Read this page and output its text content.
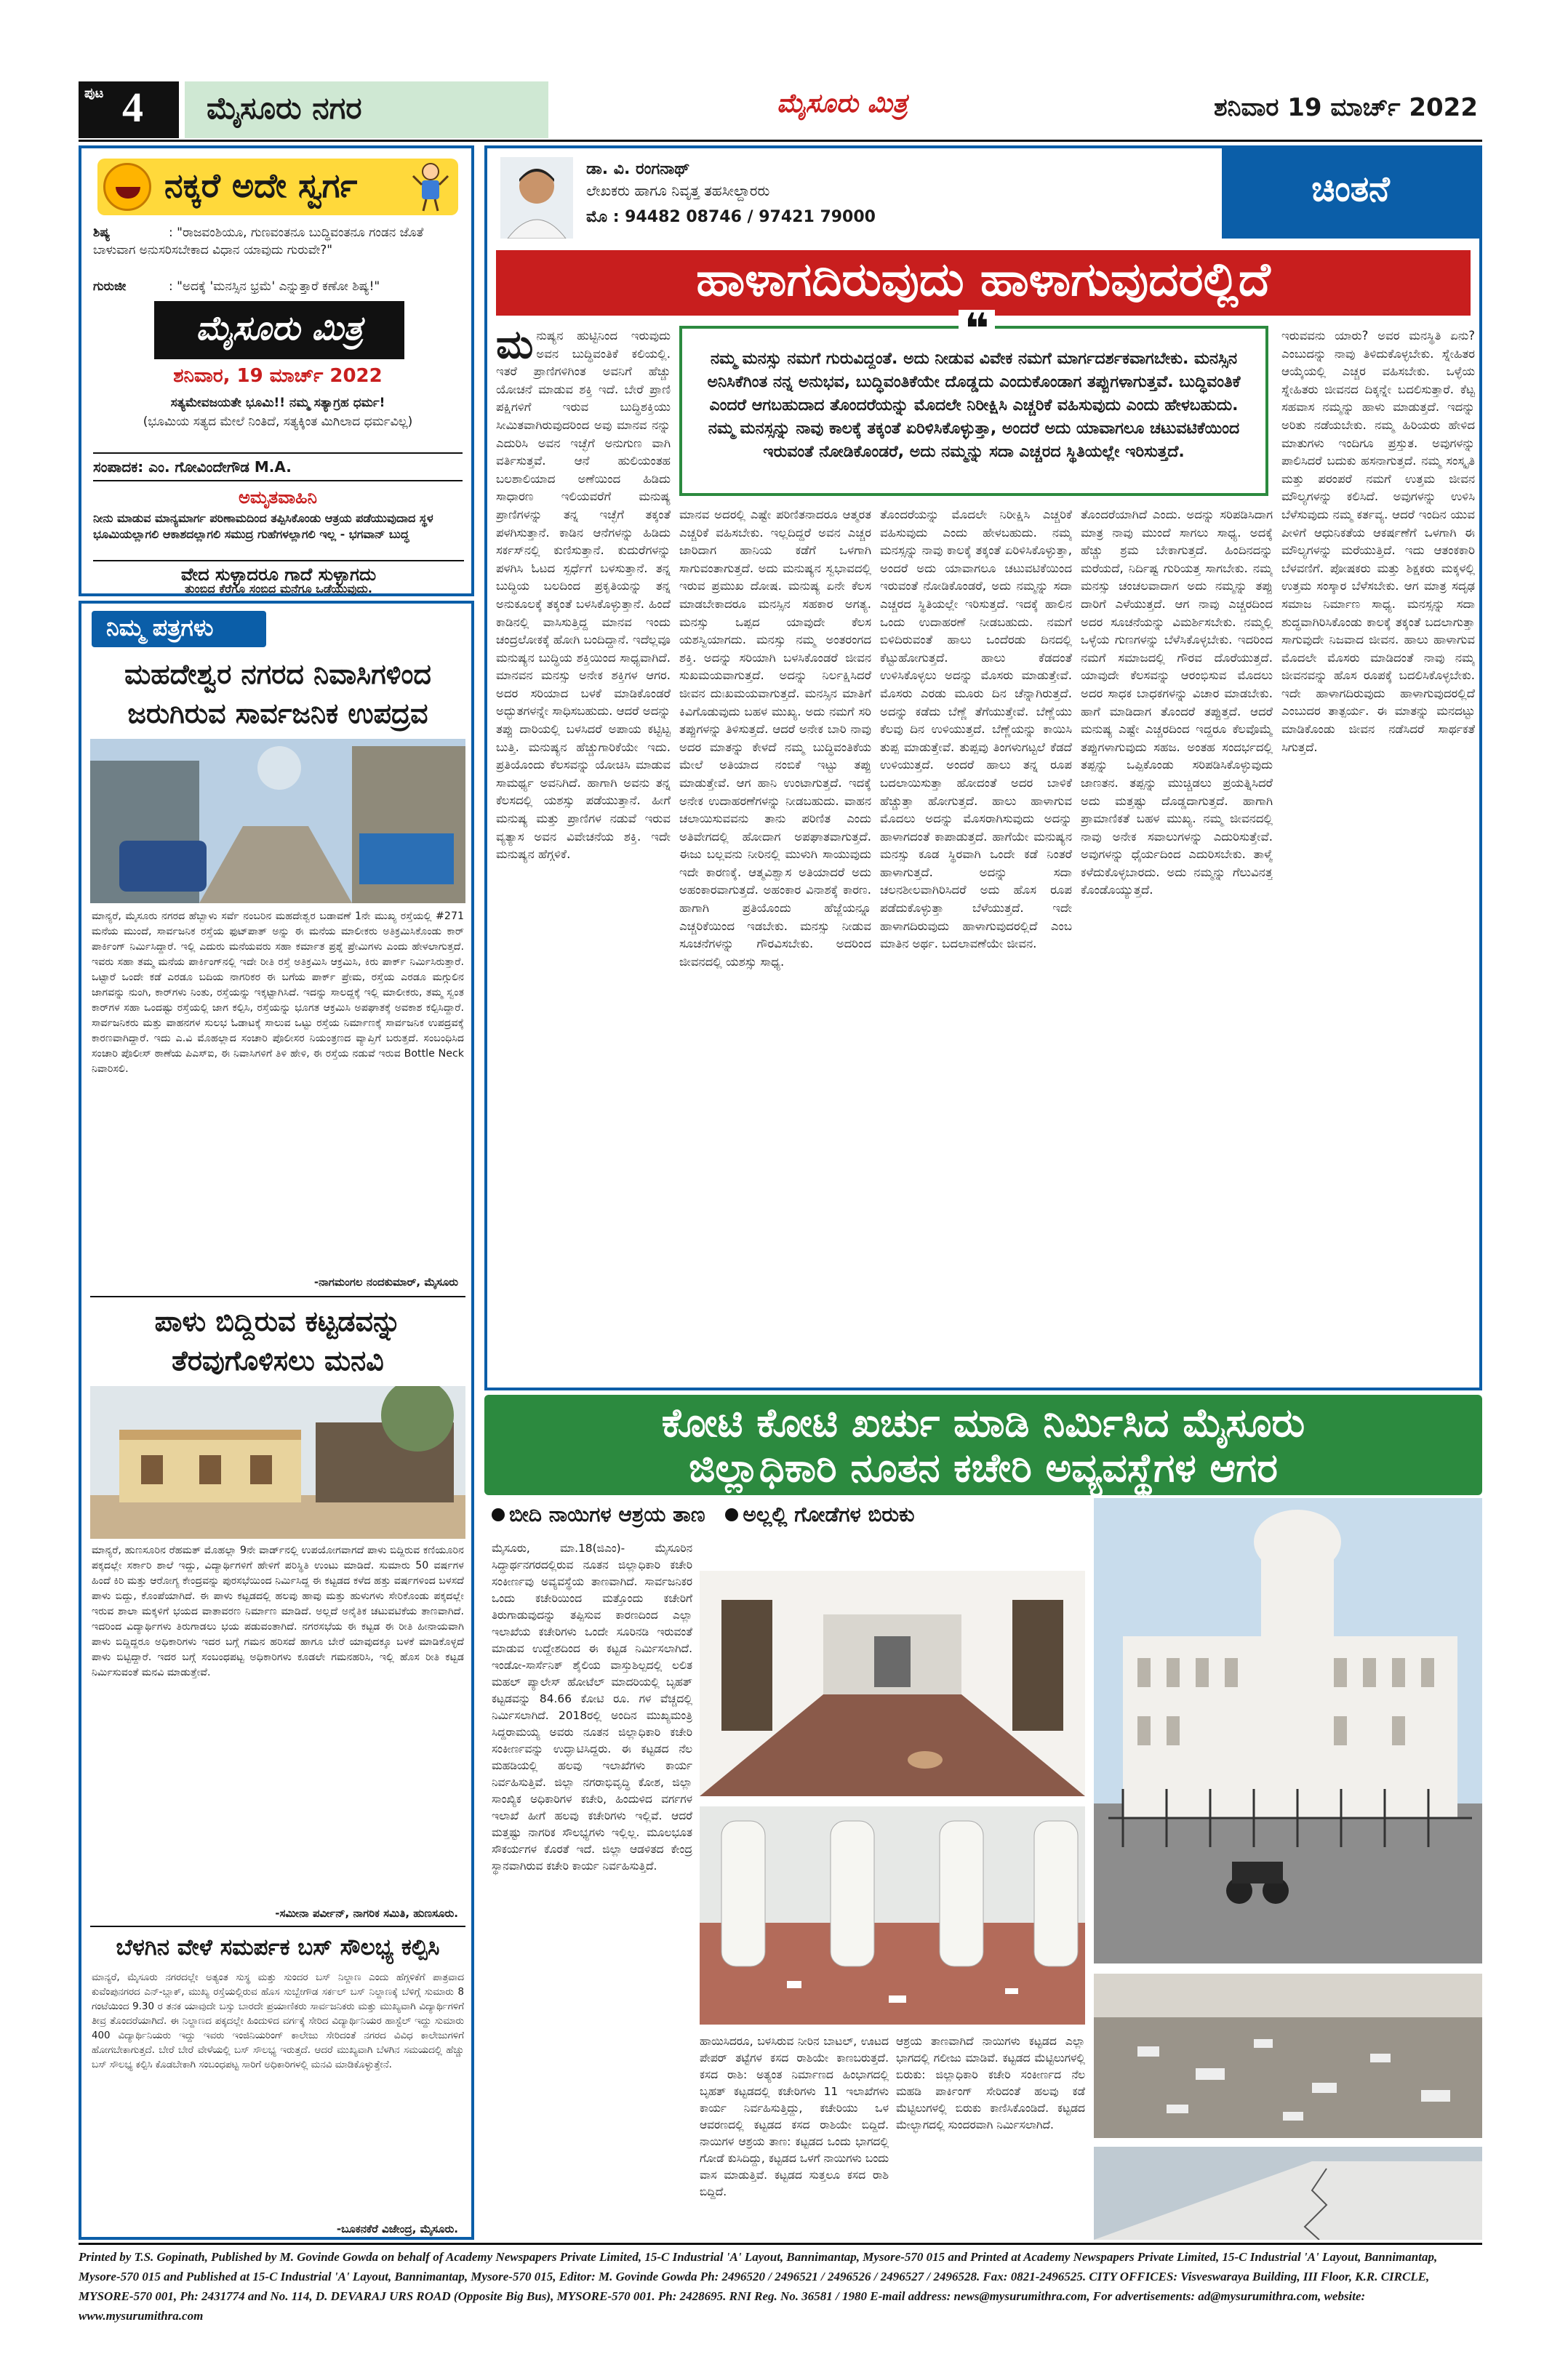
ಪುಟ 4	ಮೈಸೂರು ನಗರ	ಮೈಸೂರು ಮಿತ್ರ	ಶನಿವಾರ 19 ಮಾರ್ಚ್ 2022
ನಕ್ಕರೆ ಅದೇ ಸ್ವರ್ಗ
ಶಿಷ್ಯ	: "ರಾಜವಂಶಿಯೂ, ಗುಣವಂತನೂ ಬುದ್ಧಿವಂತನೂ ಗಂಡನ ಜೊತೆ ಬಾಳುವಾಗ ಅನುಸರಿಸಬೇಕಾದ ವಿಧಾನ ಯಾವುದು ಗುರುವೇ?"
ಗುರುಜೀ	: "ಅದಕ್ಕೆ 'ಮನಸ್ಸಿನ ಭ್ರಮೆ' ಎನ್ನುತ್ತಾರೆ ಕಣೋ ಶಿಷ್ಯ!"
ಮೈಸೂರು ಮಿತ್ರ
ಶನಿವಾರ, 19 ಮಾರ್ಚ್ 2022
ಸತ್ಯಮೇವಜಯತೇ ಭೂಮಿ!! ನಮ್ಮ ಸತ್ಯಾಗ್ರಹ ಧರ್ಮ!
(ಭೂಮಿಯ ಸತ್ಯದ ಮೇಲೆ ನಿಂತಿದೆ, ಸತ್ಯಕ್ಕಿಂತ ಮಿಗಿಲಾದ ಧರ್ಮವಿಲ್ಲ)
ಸಂಪಾದಕ: ಎಂ. ಗೋವಿಂದೇಗೌಡ M.A.
ಅಮೃತವಾಹಿನಿ
ನೀನು ಮಾಡುವ ಮಾನ್ಯಮಾರ್ಗ ಪರಿಣಾಮದಿಂದ ತಪ್ಪಿಸಿಕೊಂಡು ಆತ್ರಯ ಪಡೆಯುವುದಾದ ಸ್ಥಳ ಭೂಮಿಯಲ್ಲಾಗಲಿ ಆಕಾಶದಲ್ಲಾಗಲಿ ಸಮುದ್ರ ಗುಹೆಗಳಲ್ಲಾಗಲಿ ಇಲ್ಲ - ಭಗವಾನ್ ಬುದ್ಧ
ವೇದ ಸುಳ್ಳಾದರೂ ಗಾದೆ ಸುಳ್ಳಾಗದು
ತುಂಬಿದ ಕೆರೆಗೂ ಸಂಬಿದ ಮನೆಗೂ ಒಡೆಯುವುದು.
ನಿಮ್ಮ ಪತ್ರಗಳು
ಮಹದೇಶ್ವರ ನಗರದ ನಿವಾಸಿಗಳಿಂದ ಜರುಗಿರುವ ಸಾರ್ವಜನಿಕ ಉಪದ್ರವ
ಮಾನ್ಯರೆ, ಮೈಸೂರು ನಗರದ ಹೆಬ್ಬಾಳು ಸರ್ವೆ ನಂಬರಿನ ಮಹದೇಶ್ವರ ಬಡಾವಣೆ 1ನೇ ಮುಖ್ಯ ರಸ್ತೆಯಲ್ಲಿ #271 ಮನೆಯ ಮುಂದೆ, ಸಾರ್ವಜನಿಕ ರಸ್ತೆಯ ಫುಟ್‌ಪಾತ್ ಅನ್ನು ಈ ಮನೆಯ ಮಾಲೀಕರು ಅತಿಕ್ರಮಿಸಿಕೊಂಡು ಕಾರ್ ಪಾರ್ಕಿಂಗ್ ನಿರ್ಮಿಸಿದ್ದಾರೆ. ಇಲ್ಲಿ ಎದುರು ಮನೆಯವರು ಸಹಾ ಕರ್ಮಾತ ಪ್ರಶ್ನೆ ಪ್ರೇಮಿಗಳು ಎಂದು ಹೇಳಲಾಗುತ್ತದೆ. ಇವರು ಸಹಾ ತಮ್ಮ ಮನೆಯ ಪಾರ್ಕಿಂಗ್‌ನಲ್ಲಿ ಇದೇ ರೀತಿ ರಸ್ತೆ ಅತಿಕ್ರಮಿಸಿ ಆಕ್ರಮಿಸಿ, ಕಿರು ಪಾರ್ಕ್ ನಿರ್ಮಿಸಿರುತ್ತಾರೆ. ಒಟ್ಟಾರೆ ಒಂದೇ ಕಡೆ ಎರಡೂ ಬದಿಯ ನಾಗರಿಕರ ಈ ಬಗೆಯ ಪಾರ್ಕ್ ಪ್ರೇಮ, ರಸ್ತೆಯ ಎರಡೂ ಮಗ್ಗುಲಿನ ಜಾಗವನ್ನು ನುಂಗಿ, ಕಾರ್‌ಗಳು ನಿಂತು, ರಸ್ತೆಯನ್ನು ಇಕ್ಕಟ್ಟಾಗಿಸಿದೆ. ಇದನ್ನು ಸಾಲದ್ದಕ್ಕೆ ಇಲ್ಲಿ ಮಾಲೀಕರು, ತಮ್ಮ ಸ್ವಂತ ಕಾರ್‌ಗಳ ಸಹಾ ಒಂದಷ್ಟು ರಸ್ತೆಯಲ್ಲಿ ಜಾಗ ಕಲ್ಪಿಸಿ, ರಸ್ತೆಯನ್ನು ಭೂಗತ ಆಕ್ರಮಿಸಿ ಅಪಘಾತಕ್ಕೆ ಅವಕಾಶ ಕಲ್ಪಿಸಿದ್ದಾರೆ. ಸಾರ್ವಜನಿಕರು ಮತ್ತು ವಾಹನಗಳ ಸುಲಭ ಓಡಾಟಕ್ಕೆ ಸಾಲುವ ಒಟ್ಟು ರಸ್ತೆಯ ನಿರ್ಮಾಣಕ್ಕೆ ಸಾರ್ವಜನಿಕ ಉಪದ್ರವಕ್ಕೆ ಕಾರಣವಾಗಿದ್ದಾರೆ. ಇದು ಎ.ವಿ ಮೊಹಲ್ಲಾದ ಸಂಚಾರಿ ಪೊಲೀಸರ ನಿಯಂತ್ರಣದ ವ್ಯಾಪ್ತಿಗೆ ಬರುತ್ತದೆ. ಸಂಬಂಧಿಸಿದ ಸಂಚಾರಿ ಪೊಲೀಸ್ ಠಾಣೆಯ ಪಿಎಸ್ಐ, ಈ ನಿವಾಸಿಗಳಿಗೆ ತಿಳಿ ಹೇಳಿ, ಈ ರಸ್ತೆಯ ನಡುವೆ ಇರುವ Bottle Neck ನಿವಾರಿಸಲಿ.
-ನಾಗಮಂಗಲ ನಂದಕುಮಾರ್, ಮೈಸೂರು
ಪಾಳು ಬಿದ್ದಿರುವ ಕಟ್ಟಡವನ್ನು ತೆರವುಗೊಳಿಸಲು ಮನವಿ
ಮಾನ್ಯರೆ, ಹುಣಸೂರಿನ ರೆಹಮತ್ ಮೊಹಲ್ಲಾ 9ನೇ ವಾರ್ಡ್‌ನಲ್ಲಿ ಉಪಯೋಗವಾಗದೆ ಪಾಳು ಬಿದ್ದಿರುವ ಕಣಿಯೂರಿನ ಪಕ್ಕದಲ್ಲೇ ಸರ್ಕಾರಿ ಶಾಲೆ ಇದ್ದು, ವಿದ್ಯಾರ್ಥಿಗಳಿಗೆ ಹೇಳಿಗೆ ಪರಿಸ್ಥಿತಿ ಉಂಟು ಮಾಡಿದೆ. ಸುಮಾರು 50 ವರ್ಷಗಳ ಹಿಂದೆ ಕಿರಿ ಮತ್ತು ಆರೋಗ್ಯ ಕೇಂದ್ರವನ್ನು ಪುರಸಭೆಯಿಂದ ನಿರ್ಮಿಸಿದ್ದ ಈ ಕಟ್ಟಡದ ಕಳೆದ ಹತ್ತು ವರ್ಷಗಳಿಂದ ಬಳಸದೆ ಪಾಳು ಬಿದ್ದು, ಕೊಂಪೆಯಾಗಿದೆ. ಈ ಪಾಳು ಕಟ್ಟಡದಲ್ಲಿ ಹಲವು ಹಾವು ಮತ್ತು ಹುಳುಗಳು ಸೇರಿಕೊಂಡು ಪಕ್ಕದಲ್ಲೇ ಇರುವ ಶಾಲಾ ಮಕ್ಕಳಿಗೆ ಭಯದ ವಾತಾವರಣ ನಿರ್ಮಾಣ ಮಾಡಿದೆ. ಅಲ್ಲದೆ ಅನೈತಿಕ ಚಟುವಟಿಕೆಯ ತಾಣವಾಗಿದೆ. ಇದರಿಂದ ವಿದ್ಯಾರ್ಥಿಗಳು ತಿರುಗಾಡಲು ಭಯ ಪಡುವಂತಾಗಿದೆ. ನಗರಸಭೆಯ ಈ ಕಟ್ಟಡ ಈ ರೀತಿ ಹೀನಾಯವಾಗಿ ಪಾಳು ಬಿದ್ದಿದ್ದರೂ ಅಧಿಕಾರಿಗಳು ಇದರ ಬಗ್ಗೆ ಗಮನ ಹರಿಸದೆ ಹಾಗೂ ಬೇರೆ ಯಾವುದಕ್ಕೂ ಬಳಕೆ ಮಾಡಿಕೊಳ್ಳದೆ ಪಾಳು ಬಿಟ್ಟಿದ್ದಾರೆ. ಇದರ ಬಗ್ಗೆ ಸಂಬಂಧಪಟ್ಟ ಅಧಿಕಾರಿಗಳು ಕೂಡಲೇ ಗಮನಹರಿಸಿ, ಇಲ್ಲಿ ಹೊಸ ರೀತಿ ಕಟ್ಟಡ ನಿರ್ಮಿಸುವಂತೆ ಮನವಿ ಮಾಡುತ್ತೇವೆ.
-ಸಮೀನಾ ಪರ್ವೀನ್, ನಾಗರಿಕ ಸಮಿತಿ, ಹುಣಸೂರು.
ಬೆಳಗಿನ ವೇಳೆ ಸಮರ್ಪಕ ಬಸ್ ಸೌಲಭ್ಯ ಕಲ್ಪಿಸಿ
ಮಾನ್ಯರೆ, ಮೈಸೂರು ನಗರದಲ್ಲೇ ಅತ್ಯಂತ ಸುಸ್ಥ ಮತ್ತು ಸುಂದರ ಬಸ್ ನಿಲ್ದಾಣ ಎಂದು ಹೆಗ್ಗಳಿಕೆಗೆ ಪಾತ್ರವಾದ ಕುವೆಂಪುನಗರದ ಎನ್-ಬ್ಲಾಕ್, ಮುಖ್ಯ ರಸ್ತೆಯಲ್ಲಿರುವ ಹೊಸ ಸುಬ್ಬೇಗೌಡ ಸರ್ಕಲ್ ಬಸ್ ನಿಲ್ದಾಣಕ್ಕೆ ಬೆಳಿಗ್ಗೆ ಸುಮಾರು 8 ಗಂಟೆಯಿಂದ 9.30 ರ ತನಕ ಯಾವುದೇ ಬಸ್ಸು ಬಾರದೇ ಪ್ರಯಾಣಿಕರು ಸಾರ್ವಜನಿಕರು ಮತ್ತು ಮುಖ್ಯವಾಗಿ ವಿದ್ಯಾರ್ಥಿಗಳಿಗೆ ತೀವ್ರ ತೊಂದರೆಯಾಗಿದೆ. ಈ ನಿಲ್ದಾಣದ ಪಕ್ಕದಲ್ಲೇ ಹಿಂದುಳಿದ ವರ್ಗಕ್ಕೆ ಸೇರಿದ ವಿದ್ಯಾರ್ಥಿನಿಯರ ಹಾಸ್ಟೆಲ್ ಇದ್ದು ಸುಮಾರು 400 ವಿದ್ಯಾರ್ಥಿನಿಯರು ಇದ್ದು ಇವರು ಇಂಜಿನಿಯರಿಂಗ್ ಕಾಲೇಜು ಸೇರಿದಂತೆ ನಗರದ ವಿವಿಧ ಕಾಲೇಜುಗಳಿಗೆ ಹೋಗಬೇಕಾಗುತ್ತದೆ. ಬೇರೆ ಬೇರೆ ವೇಳೆಯಲ್ಲಿ ಬಸ್ ಸೌಲಭ್ಯ ಇರುತ್ತದೆ. ಆದರೆ ಮುಖ್ಯವಾಗಿ ಬೆಳಗಿನ ಸಮಯದಲ್ಲಿ ಹೆಚ್ಚು ಬಸ್ ಸೌಲಭ್ಯ ಕಲ್ಪಿಸಿ ಕೊಡಬೇಕಾಗಿ ಸಂಬಂಧಪಟ್ಟ ಸಾರಿಗೆ ಅಧಿಕಾರಿಗಳಲ್ಲಿ ಮನವಿ ಮಾಡಿಕೊಳ್ಳುತ್ತೇನೆ.
-ಬೂಕನಕೆರೆ ವಿಜೇಂದ್ರ, ಮೈಸೂರು.
ಡಾ. ವಿ. ರಂಗನಾಥ್
ಲೇಖಕರು ಹಾಗೂ ನಿವೃತ್ತ ತಹಸೀಲ್ದಾರರು
ಮೊ : 94482 08746 / 97421 79000
ಚಿಂತನೆ
ಹಾಳಾಗದಿರುವುದು ಹಾಳಾಗುವುದರಲ್ಲಿದೆ
ಮನುಷ್ಯನ ಹುಟ್ಟಿನಿಂದ ಇರುವುದು ಅವನ ಬುದ್ಧಿವಂತಿಕೆ ಕಲಿಯಲ್ಲಿ. ಇತರೆ ಪ್ರಾಣಿಗಳಿಗಿಂತ ಅವನಿಗೆ ಹೆಚ್ಚು ಯೋಚನೆ ಮಾಡುವ ಶಕ್ತಿ ಇದೆ. ಬೇರೆ ಪ್ರಾಣಿ ಪಕ್ಷಿಗಳಿಗೆ ಇರುವ ಬುದ್ಧಿಶಕ್ತಿಯು ಸೀಮಿತವಾಗಿರುವುದರಿಂದ ಅವು ಮಾನವ ನನ್ನು ಎದುರಿಸಿ ಅವನ ಇಚ್ಛೆಗೆ ಅನುಗುಣ ವಾಗಿ ವರ್ತಿಸುತ್ತವೆ. ಆನೆ ಹುಲಿಯಂತಹ ಬಲಶಾಲಿಯಾದ ಅಣೆಯಿಂದ ಹಿಡಿದು ಸಾಧಾರಣ ಇಲಿಯವರೆಗೆ ಮನುಷ್ಯ ಪ್ರಾಣಿಗಳನ್ನು ತನ್ನ ಇಚ್ಛೆಗೆ ತಕ್ಕಂತೆ ಪಳಗಿಸುತ್ತಾನೆ. ಕಾಡಿನ ಆನೆಗಳನ್ನು ಹಿಡಿದು ಸರ್ಕಸ್‌ನಲ್ಲಿ ಕುಣಿಸುತ್ತಾನೆ. ಕುದುರೆಗಳನ್ನು ಪಳಗಿಸಿ ಓಟದ ಸ್ಪರ್ಧೆಗೆ ಬಳಸುತ್ತಾನೆ. ತನ್ನ ಬುದ್ಧಿಯ ಬಲದಿಂದ ಪ್ರಕೃತಿಯನ್ನು ತನ್ನ ಅನುಕೂಲಕ್ಕೆ ತಕ್ಕಂತೆ ಬಳಸಿಕೊಳ್ಳುತ್ತಾನೆ. ಹಿಂದೆ ಕಾಡಿನಲ್ಲಿ ವಾಸಿಸುತ್ತಿದ್ದ ಮಾನವ ಇಂದು ಚಂದ್ರಲೋಕಕ್ಕೆ ಹೋಗಿ ಬಂದಿದ್ದಾನೆ. ಇದೆಲ್ಲವೂ ಮನುಷ್ಯನ ಬುದ್ಧಿಯ ಶಕ್ತಿಯಿಂದ ಸಾಧ್ಯವಾಗಿದೆ. ಮಾನವನ ಮನಸ್ಸು ಅನೇಕ ಶಕ್ತಿಗಳ ಆಗರ. ಅದರ ಸರಿಯಾದ ಬಳಕೆ ಮಾಡಿಕೊಂಡರೆ ಅದ್ಭುತಗಳನ್ನೇ ಸಾಧಿಸಬಹುದು. ಆದರೆ ಅದನ್ನು ತಪ್ಪು ದಾರಿಯಲ್ಲಿ ಬಳಸಿದರೆ ಅಪಾಯ ಕಟ್ಟಿಟ್ಟ ಬುತ್ತಿ. ಮನುಷ್ಯನ ಹೆಚ್ಚುಗಾರಿಕೆಯೇ ಇದು. ಪ್ರತಿಯೊಂದು ಕೆಲಸವನ್ನು ಯೋಚಿಸಿ ಮಾಡುವ ಸಾಮರ್ಥ್ಯ ಅವನಿಗಿದೆ. ಹಾಗಾಗಿ ಅವನು ತನ್ನ ಕೆಲಸದಲ್ಲಿ ಯಶಸ್ಸು ಪಡೆಯುತ್ತಾನೆ. ಹೀಗೆ ಮನುಷ್ಯ ಮತ್ತು ಪ್ರಾಣಿಗಳ ನಡುವೆ ಇರುವ ವ್ಯತ್ಯಾಸ ಅವನ ವಿವೇಚನೆಯ ಶಕ್ತಿ. ಇದೇ ಮನುಷ್ಯನ ಹೆಗ್ಗಳಿಕೆ.
ಮಾನವ ಅದರಲ್ಲಿ ಎಷ್ಟೇ ಪರಿಣಿತನಾದರೂ ಆತ್ಮರತ ಎಚ್ಚರಿಕೆ ವಹಿಸಬೇಕು. ಇಲ್ಲದಿದ್ದರೆ ಅವನ ಎಚ್ಚರ ಜಾರಿದಾಗ ಹಾನಿಯ ಕಡೆಗೆ ಒಳಗಾಗಿ ಸಾಗುವಂತಾಗುತ್ತದೆ. ಅದು ಮನುಷ್ಯನ ಸ್ವಭಾವದಲ್ಲಿ ಇರುವ ಪ್ರಮುಖ ದೋಷ. ಮನುಷ್ಯ ಏನೇ ಕೆಲಸ ಮಾಡಬೇಕಾದರೂ ಮನಸ್ಸಿನ ಸಹಕಾರ ಅಗತ್ಯ. ಮನಸ್ಸು ಒಪ್ಪದ ಯಾವುದೇ ಕೆಲಸ ಯಶಸ್ವಿಯಾಗದು. ಮನಸ್ಸು ನಮ್ಮ ಅಂತರಂಗದ ಶಕ್ತಿ. ಅದನ್ನು ಸರಿಯಾಗಿ ಬಳಸಿಕೊಂಡರೆ ಜೀವನ ಸುಖಮಯವಾಗುತ್ತದೆ. ಅದನ್ನು ನಿರ್ಲಕ್ಷಿಸಿದರೆ ಜೀವನ ದುಃಖಮಯವಾಗುತ್ತದೆ. ಮನಸ್ಸಿನ ಮಾತಿಗೆ ಕಿವಿಗೊಡುವುದು ಬಹಳ ಮುಖ್ಯ. ಅದು ನಮಗೆ ಸರಿ ತಪ್ಪುಗಳನ್ನು ತಿಳಿಸುತ್ತದೆ. ಆದರೆ ಅನೇಕ ಬಾರಿ ನಾವು ಅದರ ಮಾತನ್ನು ಕೇಳದೆ ನಮ್ಮ ಬುದ್ಧಿವಂತಿಕೆಯ ಮೇಲೆ ಅತಿಯಾದ ನಂಬಿಕೆ ಇಟ್ಟು ತಪ್ಪು ಮಾಡುತ್ತೇವೆ. ಆಗ ಹಾನಿ ಉಂಟಾಗುತ್ತದೆ. ಇದಕ್ಕೆ ಅನೇಕ ಉದಾಹರಣೆಗಳನ್ನು ನೀಡಬಹುದು. ವಾಹನ ಚಲಾಯಿಸುವವನು ತಾನು ಪರಿಣಿತ ಎಂದು ಅತಿವೇಗದಲ್ಲಿ ಹೋದಾಗ ಅಪಘಾತವಾಗುತ್ತದೆ. ಈಜು ಬಲ್ಲವನು ನೀರಿನಲ್ಲಿ ಮುಳುಗಿ ಸಾಯುವುದು ಇದೇ ಕಾರಣಕ್ಕೆ. ಆತ್ಮವಿಶ್ವಾಸ ಅತಿಯಾದರೆ ಅದು ಅಹಂಕಾರವಾಗುತ್ತದೆ. ಅಹಂಕಾರ ವಿನಾಶಕ್ಕೆ ಕಾರಣ. ಹಾಗಾಗಿ ಪ್ರತಿಯೊಂದು ಹೆಜ್ಜೆಯನ್ನೂ ಎಚ್ಚರಿಕೆಯಿಂದ ಇಡಬೇಕು. ಮನಸ್ಸು ನೀಡುವ ಸೂಚನೆಗಳನ್ನು ಗೌರವಿಸಬೇಕು. ಅದರಿಂದ ಜೀವನದಲ್ಲಿ ಯಶಸ್ಸು ಸಾಧ್ಯ.
ತೊಂದರೆಯನ್ನು ಮೊದಲೇ ನಿರೀಕ್ಷಿಸಿ ಎಚ್ಚರಿಕೆ ವಹಿಸುವುದು ಎಂದು ಹೇಳಬಹುದು. ನಮ್ಮ ಮನಸ್ಸನ್ನು ನಾವು ಕಾಲಕ್ಕೆ ತಕ್ಕಂತೆ ಏರಿಳಿಸಿಕೊಳ್ಳುತ್ತಾ, ಅಂದರೆ ಅದು ಯಾವಾಗಲೂ ಚಟುವಟಿಕೆಯಿಂದ ಇರುವಂತೆ ನೋಡಿಕೊಂಡರೆ, ಅದು ನಮ್ಮನ್ನು ಸದಾ ಎಚ್ಚರದ ಸ್ಥಿತಿಯಲ್ಲೇ ಇರಿಸುತ್ತದೆ. ಇದಕ್ಕೆ ಹಾಲಿನ ಒಂದು ಉದಾಹರಣೆ ನೀಡಬಹುದು. ನಮಗೆ ಬಿಳಿದಿರುವಂತೆ ಹಾಲು ಒಂದೆರಡು ದಿನದಲ್ಲಿ ಕೆಟ್ಟುಹೋಗುತ್ತದೆ. ಹಾಲು ಕೆಡದಂತೆ ಉಳಿಸಿಕೊಳ್ಳಲು ಅದನ್ನು ಮೊಸರು ಮಾಡುತ್ತೇವೆ. ಮೊಸರು ಎರಡು ಮೂರು ದಿನ ಚೆನ್ನಾಗಿರುತ್ತದೆ. ಅದನ್ನು ಕಡೆದು ಬೆಣ್ಣೆ ತೆಗೆಯುತ್ತೇವೆ. ಬೆಣ್ಣೆಯು ಕೆಲವು ದಿನ ಉಳಿಯುತ್ತದೆ. ಬೆಣ್ಣೆಯನ್ನು ಕಾಯಿಸಿ ತುಪ್ಪ ಮಾಡುತ್ತೇವೆ. ತುಪ್ಪವು ತಿಂಗಳುಗಟ್ಟಲೆ ಕೆಡದೆ ಉಳಿಯುತ್ತದೆ. ಅಂದರೆ ಹಾಲು ತನ್ನ ರೂಪ ಬದಲಾಯಿಸುತ್ತಾ ಹೋದಂತೆ ಅದರ ಬಾಳಿಕೆ ಹೆಚ್ಚುತ್ತಾ ಹೋಗುತ್ತದೆ. ಹಾಲು ಹಾಳಾಗುವ ಮೊದಲು ಅದನ್ನು ಮೊಸರಾಗಿಸುವುದು ಅದನ್ನು ಹಾಳಾಗದಂತೆ ಕಾಪಾಡುತ್ತದೆ. ಹಾಗೆಯೇ ಮನುಷ್ಯನ ಮನಸ್ಸು ಕೂಡ ಸ್ಥಿರವಾಗಿ ಒಂದೇ ಕಡೆ ನಿಂತರೆ ಹಾಳಾಗುತ್ತದೆ. ಅದನ್ನು ಸದಾ ಚಲನಶೀಲವಾಗಿರಿಸಿದರೆ ಅದು ಹೊಸ ರೂಪ ಪಡೆದುಕೊಳ್ಳುತ್ತಾ ಬೆಳೆಯುತ್ತದೆ. ಇದೇ ಹಾಳಾಗದಿರುವುದು ಹಾಳಾಗುವುದರಲ್ಲಿದೆ ಎಂಬ ಮಾತಿನ ಅರ್ಥ. ಬದಲಾವಣೆಯೇ ಜೀವನ.
ತೊಂದರೆಯಾಗಿದೆ ಎಂದು. ಅದನ್ನು ಸರಿಪಡಿಸಿದಾಗ ಮಾತ್ರ ನಾವು ಮುಂದೆ ಸಾಗಲು ಸಾಧ್ಯ. ಅದಕ್ಕೆ ಹೆಚ್ಚು ಶ್ರಮ ಬೇಕಾಗುತ್ತದೆ. ಹಿಂದಿನದನ್ನು ಮರೆಯದೆ, ನಿರ್ದಿಷ್ಟ ಗುರಿಯತ್ತ ಸಾಗಬೇಕು. ನಮ್ಮ ಮನಸ್ಸು ಚಂಚಲವಾದಾಗ ಅದು ನಮ್ಮನ್ನು ತಪ್ಪು ದಾರಿಗೆ ಎಳೆಯುತ್ತದೆ. ಆಗ ನಾವು ಎಚ್ಚರದಿಂದ ಅದರ ಸೂಚನೆಯನ್ನು ವಿಮರ್ಶಿಸಬೇಕು. ನಮ್ಮಲ್ಲಿ ಒಳ್ಳೆಯ ಗುಣಗಳನ್ನು ಬೆಳೆಸಿಕೊಳ್ಳಬೇಕು. ಇದರಿಂದ ನಮಗೆ ಸಮಾಜದಲ್ಲಿ ಗೌರವ ದೊರೆಯುತ್ತದೆ. ಯಾವುದೇ ಕೆಲಸವನ್ನು ಆರಂಭಿಸುವ ಮೊದಲು ಅದರ ಸಾಧಕ ಬಾಧಕಗಳನ್ನು ವಿಚಾರ ಮಾಡಬೇಕು. ಹಾಗೆ ಮಾಡಿದಾಗ ತೊಂದರೆ ತಪ್ಪುತ್ತದೆ. ಆದರೆ ಮನುಷ್ಯ ಎಷ್ಟೇ ಎಚ್ಚರದಿಂದ ಇದ್ದರೂ ಕೆಲವೊಮ್ಮೆ ತಪ್ಪುಗಳಾಗುವುದು ಸಹಜ. ಅಂತಹ ಸಂದರ್ಭದಲ್ಲಿ ತಪ್ಪನ್ನು ಒಪ್ಪಿಕೊಂಡು ಸರಿಪಡಿಸಿಕೊಳ್ಳುವುದು ಜಾಣತನ. ತಪ್ಪನ್ನು ಮುಚ್ಚಿಡಲು ಪ್ರಯತ್ನಿಸಿದರೆ ಅದು ಮತ್ತಷ್ಟು ದೊಡ್ಡದಾಗುತ್ತದೆ. ಹಾಗಾಗಿ ಪ್ರಾಮಾಣಿಕತೆ ಬಹಳ ಮುಖ್ಯ. ನಮ್ಮ ಜೀವನದಲ್ಲಿ ನಾವು ಅನೇಕ ಸವಾಲುಗಳನ್ನು ಎದುರಿಸುತ್ತೇವೆ. ಅವುಗಳನ್ನು ಧೈರ್ಯದಿಂದ ಎದುರಿಸಬೇಕು. ತಾಳ್ಮೆ ಕಳೆದುಕೊಳ್ಳಬಾರದು. ಅದು ನಮ್ಮನ್ನು ಗೆಲುವಿನತ್ತ ಕೊಂಡೊಯ್ಯುತ್ತದೆ.
ಇರುವವನು ಯಾರು? ಅವರ ಮನಸ್ಥಿತಿ ಏನು? ಎಂಬುದನ್ನು ನಾವು ತಿಳಿದುಕೊಳ್ಳಬೇಕು. ಸ್ನೇಹಿತರ ಆಯ್ಕೆಯಲ್ಲಿ ಎಚ್ಚರ ವಹಿಸಬೇಕು. ಒಳ್ಳೆಯ ಸ್ನೇಹಿತರು ಜೀವನದ ದಿಕ್ಕನ್ನೇ ಬದಲಿಸುತ್ತಾರೆ. ಕೆಟ್ಟ ಸಹವಾಸ ನಮ್ಮನ್ನು ಹಾಳು ಮಾಡುತ್ತದೆ. ಇದನ್ನು ಅರಿತು ನಡೆಯಬೇಕು. ನಮ್ಮ ಹಿರಿಯರು ಹೇಳಿದ ಮಾತುಗಳು ಇಂದಿಗೂ ಪ್ರಸ್ತುತ. ಅವುಗಳನ್ನು ಪಾಲಿಸಿದರೆ ಬದುಕು ಹಸನಾಗುತ್ತದೆ. ನಮ್ಮ ಸಂಸ್ಕೃತಿ ಮತ್ತು ಪರಂಪರೆ ನಮಗೆ ಉತ್ತಮ ಜೀವನ ಮೌಲ್ಯಗಳನ್ನು ಕಲಿಸಿದೆ. ಅವುಗಳನ್ನು ಉಳಿಸಿ ಬೆಳೆಸುವುದು ನಮ್ಮ ಕರ್ತವ್ಯ. ಆದರೆ ಇಂದಿನ ಯುವ ಪೀಳಿಗೆ ಆಧುನಿಕತೆಯ ಆಕರ್ಷಣೆಗೆ ಒಳಗಾಗಿ ಈ ಮೌಲ್ಯಗಳನ್ನು ಮರೆಯುತ್ತಿದೆ. ಇದು ಆತಂಕಕಾರಿ ಬೆಳವಣಿಗೆ. ಪೋಷಕರು ಮತ್ತು ಶಿಕ್ಷಕರು ಮಕ್ಕಳಲ್ಲಿ ಉತ್ತಮ ಸಂಸ್ಕಾರ ಬೆಳೆಸಬೇಕು. ಆಗ ಮಾತ್ರ ಸದೃಢ ಸಮಾಜ ನಿರ್ಮಾಣ ಸಾಧ್ಯ. ಮನಸ್ಸನ್ನು ಸದಾ ಶುದ್ಧವಾಗಿರಿಸಿಕೊಂಡು ಕಾಲಕ್ಕೆ ತಕ್ಕಂತೆ ಬದಲಾಗುತ್ತಾ ಸಾಗುವುದೇ ನಿಜವಾದ ಜೀವನ. ಹಾಲು ಹಾಳಾಗುವ ಮೊದಲೇ ಮೊಸರು ಮಾಡಿದಂತೆ ನಾವು ನಮ್ಮ ಜೀವನವನ್ನು ಹೊಸ ರೂಪಕ್ಕೆ ಬದಲಿಸಿಕೊಳ್ಳಬೇಕು. ಇದೇ ಹಾಳಾಗದಿರುವುದು ಹಾಳಾಗುವುದರಲ್ಲಿದೆ ಎಂಬುದರ ತಾತ್ಪರ್ಯ. ಈ ಮಾತನ್ನು ಮನದಟ್ಟು ಮಾಡಿಕೊಂಡು ಜೀವನ ನಡೆಸಿದರೆ ಸಾರ್ಥಕತೆ ಸಿಗುತ್ತದೆ.
❝
ನಮ್ಮ ಮನಸ್ಸು ನಮಗೆ ಗುರುವಿದ್ದಂತೆ. ಅದು ನೀಡುವ ವಿವೇಕ ನಮಗೆ ಮಾರ್ಗದರ್ಶಕವಾಗಬೇಕು. ಮನಸ್ಸಿನ ಅನಿಸಿಕೆಗಿಂತ ನನ್ನ ಅನುಭವ, ಬುದ್ಧಿವಂತಿಕೆಯೇ ದೊಡ್ಡದು ಎಂದುಕೊಂಡಾಗ ತಪ್ಪುಗಳಾಗುತ್ತವೆ. ಬುದ್ಧಿವಂತಿಕೆ ಎಂದರೆ ಆಗಬಹುದಾದ ತೊಂದರೆಯನ್ನು ಮೊದಲೇ ನಿರೀಕ್ಷಿಸಿ ಎಚ್ಚರಿಕೆ ವಹಿಸುವುದು ಎಂದು ಹೇಳಬಹುದು. ನಮ್ಮ ಮನಸ್ಸನ್ನು ನಾವು ಕಾಲಕ್ಕೆ ತಕ್ಕಂತೆ ಏರಿಳಿಸಿಕೊಳ್ಳುತ್ತಾ, ಅಂದರೆ ಅದು ಯಾವಾಗಲೂ ಚಟುವಟಿಕೆಯಿಂದ ಇರುವಂತೆ ನೋಡಿಕೊಂಡರೆ, ಅದು ನಮ್ಮನ್ನು ಸದಾ ಎಚ್ಚರದ ಸ್ಥಿತಿಯಲ್ಲೇ ಇರಿಸುತ್ತದೆ.
ಕೋಟಿ ಕೋಟಿ ಖರ್ಚು ಮಾಡಿ ನಿರ್ಮಿಸಿದ ಮೈಸೂರು
ಜಿಲ್ಲಾಧಿಕಾರಿ ನೂತನ ಕಚೇರಿ ಅವ್ಯವಸ್ಥೆಗಳ ಆಗರ
ಬೀದಿ ನಾಯಿಗಳ ಆಶ್ರಯ ತಾಣ ಅಲ್ಲಲ್ಲಿ ಗೋಡೆಗಳ ಬಿರುಕು
ಮೈಸೂರು, ಮಾ.18(ಜಿಎಂ)- ಮೈಸೂರಿನ ಸಿದ್ಧಾರ್ಥನಗರದಲ್ಲಿರುವ ನೂತನ ಜಿಲ್ಲಾಧಿಕಾರಿ ಕಚೇರಿ ಸಂಕೀರ್ಣವು ಅವ್ಯವಸ್ಥೆಯ ತಾಣವಾಗಿದೆ. ಸಾರ್ವಜನಿಕರ ಒಂದು ಕಚೇರಿಯಿಂದ ಮತ್ತೊಂದು ಕಚೇರಿಗೆ ತಿರುಗಾಡುವುದನ್ನು ತಪ್ಪಿಸುವ ಕಾರಣದಿಂದ ಎಲ್ಲಾ ಇಲಾಖೆಯ ಕಚೇರಿಗಳು ಒಂದೇ ಸೂರಿನಡಿ ಇರುವಂತೆ ಮಾಡುವ ಉದ್ದೇಶದಿಂದ ಈ ಕಟ್ಟಡ ನಿರ್ಮಿಸಲಾಗಿದೆ. ಇಂಡೋ-ಸಾರ್ಸೆನಿಕ್ ಶೈಲಿಯ ವಾಸ್ತುಶಿಲ್ಪದಲ್ಲಿ ಲಲಿತ ಮಹಲ್ ಪ್ಯಾಲೇಸ್ ಹೋಟೆಲ್ ಮಾದರಿಯಲ್ಲಿ ಬೃಹತ್ ಕಟ್ಟಡವನ್ನು 84.66 ಕೋಟಿ ರೂ. ಗಳ ವೆಚ್ಚದಲ್ಲಿ ನಿರ್ಮಿಸಲಾಗಿದೆ. 2018ರಲ್ಲಿ ಅಂದಿನ ಮುಖ್ಯಮಂತ್ರಿ ಸಿದ್ದರಾಮಯ್ಯ ಅವರು ನೂತನ ಜಿಲ್ಲಾಧಿಕಾರಿ ಕಚೇರಿ ಸಂಕೀರ್ಣವನ್ನು ಉದ್ಘಾಟಿಸಿದ್ದರು. ಈ ಕಟ್ಟಡದ ನೆಲ ಮಹಡಿಯಲ್ಲಿ ಹಲವು ಇಲಾಖೆಗಳು ಕಾರ್ಯ ನಿರ್ವಹಿಸುತ್ತಿವೆ. ಜಿಲ್ಲಾ ನಗರಾಭಿವೃದ್ಧಿ ಕೋಶ, ಜಿಲ್ಲಾ ಸಾಂಖ್ಯಿಕ ಅಧಿಕಾರಿಗಳ ಕಚೇರಿ, ಹಿಂದುಳಿದ ವರ್ಗಗಳ ಇಲಾಖೆ ಹೀಗೆ ಹಲವು ಕಚೇರಿಗಳು ಇಲ್ಲಿವೆ. ಆದರೆ ಮತ್ತಷ್ಟು ನಾಗರಿಕ ಸೌಲಭ್ಯಗಳು ಇಲ್ಲಿಲ್ಲ. ಮೂಲಭೂತ ಸೌಕರ್ಯಗಳ ಕೊರತೆ ಇದೆ. ಜಿಲ್ಲಾ ಆಡಳಿತದ ಕೇಂದ್ರ ಸ್ಥಾನವಾಗಿರುವ ಕಚೇರಿ ಕಾರ್ಯ ನಿರ್ವಹಿಸುತ್ತಿದೆ.
ಹಾಯಿಸಿದರೂ, ಬಳಸಿರುವ ನೀರಿನ ಬಾಟಲ್, ಊಟದ ಪೇಪರ್ ತಟ್ಟೆಗಳ ಕಸದ ರಾಶಿಯೇ ಕಾಣಬರುತ್ತದೆ. ಕಸದ ರಾಶಿ: ಅತ್ಯಂತ ನಿರ್ಮಾಣದ ಹಿಂಭಾಗದಲ್ಲಿ ಬೃಹತ್ ಕಟ್ಟಡದಲ್ಲಿ ಕಚೇರಿಗಳು 11 ಇಲಾಖೆಗಳು ಕಾರ್ಯ ನಿರ್ವಹಿಸುತ್ತಿದ್ದು, ಕಚೇರಿಯು ಒಳ ಆವರಣದಲ್ಲಿ ಕಟ್ಟಡದ ಕಸದ ರಾಶಿಯೇ ಬಿದ್ದಿದೆ. ನಾಯಿಗಳ ಆಶ್ರಯ ತಾಣ: ಕಟ್ಟಡದ ಒಂದು ಭಾಗದಲ್ಲಿ ಗೋಡೆ ಕುಸಿದಿದ್ದು, ಕಟ್ಟಡದ ಒಳಗೆ ನಾಯಿಗಳು ಬಂದು ವಾಸ ಮಾಡುತ್ತಿವೆ. ಕಟ್ಟಡದ ಸುತ್ತಲೂ ಕಸದ ರಾಶಿ ಬಿದ್ದಿದೆ.
ಆಶ್ರಯ ತಾಣವಾಗಿದೆ ನಾಯಿಗಳು ಕಟ್ಟಡದ ಎಲ್ಲಾ ಭಾಗದಲ್ಲಿ ಗಲೀಜು ಮಾಡಿವೆ. ಕಟ್ಟಡದ ಮೆಟ್ಟಿಲುಗಳಲ್ಲಿ ಬಿರುಕು: ಜಿಲ್ಲಾಧಿಕಾರಿ ಕಚೇರಿ ಸಂಕೀರ್ಣದ ನೆಲ ಮಹಡಿ ಪಾರ್ಕಿಂಗ್ ಸೇರಿದಂತೆ ಹಲವು ಕಡೆ ಮೆಟ್ಟಿಲುಗಳಲ್ಲಿ ಬಿರುಕು ಕಾಣಿಸಿಕೊಂಡಿದೆ. ಕಟ್ಟಡದ ಮೇಲ್ಭಾಗದಲ್ಲಿ ಸುಂದರವಾಗಿ ನಿರ್ಮಿಸಲಾಗಿದೆ.
Printed by T.S. Gopinath, Published by M. Govinde Gowda on behalf of Academy Newspapers Private Limited, 15-C Industrial 'A' Layout, Bannimantap, Mysore-570 015 and Printed at Academy Newspapers Private Limited, 15-C Industrial 'A' Layout, Bannimantap, Mysore-570 015 and Published at 15-C Industrial 'A' Layout, Bannimantap, Mysore-570 015, Editor: M. Govinde Gowda Ph: 2496520 / 2496521 / 2496526 / 2496527 / 2496528. Fax: 0821-2496525. CITY OFFICES: Visveswaraya Building, III Floor, K.R. CIRCLE, MYSORE-570 001, Ph: 2431774 and No. 114, D. DEVARAJ URS ROAD (Opposite Big Bus), MYSORE-570 001. Ph: 2428695. RNI Reg. No. 36581 / 1980 E-mail address: news@mysurumithra.com, For advertisements: ad@mysurumithra.com, website: www.mysurumithra.com
